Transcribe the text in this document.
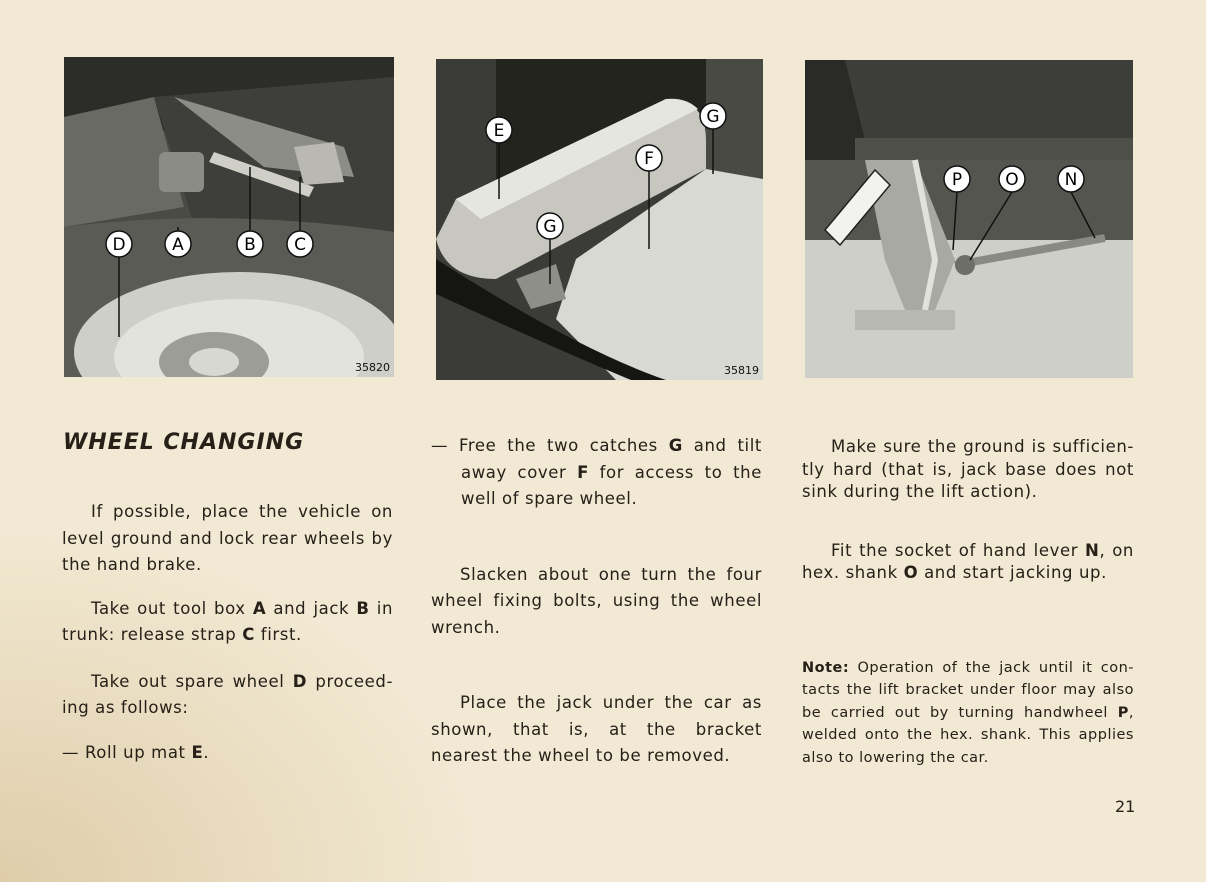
D	A	B C
35820
E
G
F
G
35819
P	O	N
WHEEL CHANGING

If possible, place the vehicle on level ground and lock rear wheels by the hand brake.

Take out tool box A and jack B in trunk: release strap C first.

Take out spare wheel D proceed-ing as follows:

— Roll up mat E.

— Free the two catches G and tilt away cover F for access to the well of spare wheel.

Slacken about one turn the four wheel fixing bolts, using the wheel wrench.

Place the jack under the car as shown, that is, at the bracket nearest the wheel to be removed.

Make sure the ground is sufficien-tly hard (that is, jack base does not sink during the lift action).

Fit the socket of hand lever N, on hex. shank O and start jacking up.

Note: Operation of the jack until it con-tacts the lift bracket under floor may also be carried out by turning handwheel P, welded onto the hex. shank. This applies also to lowering the car.

21
